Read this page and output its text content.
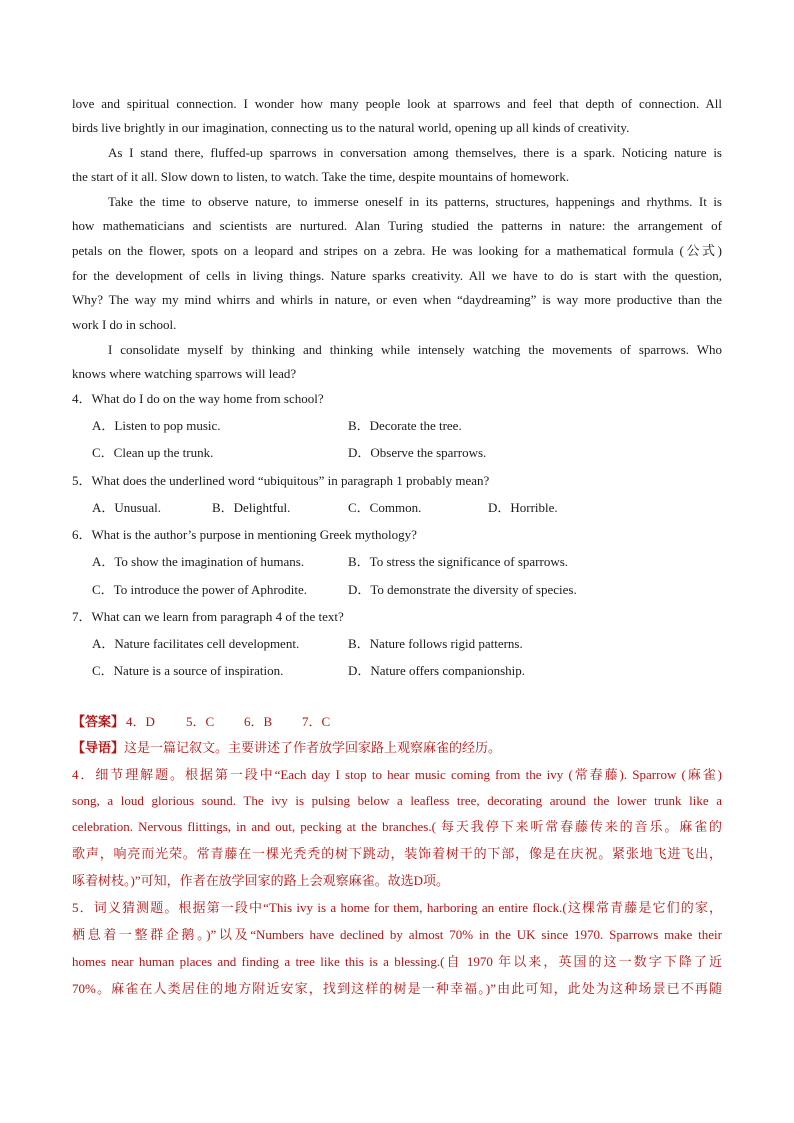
love and spiritual connection. I wonder how many people look at sparrows and feel that depth of connection. All
birds live brightly in our imagination, connecting us to the natural world, opening up all kinds of creativity.
As I stand there, fluffed-up sparrows in conversation among themselves, there is a spark. Noticing nature is
the start of it all. Slow down to listen, to watch. Take the time, despite mountains of homework.
Take the time to observe nature, to immerse oneself in its patterns, structures, happenings and rhythms. It is
how mathematicians and scientists are nurtured. Alan Turing studied the patterns in nature: the arrangement of
petals on the flower, spots on a leopard and stripes on a zebra. He was looking for a mathematical formula (公式)
for the development of cells in living things. Nature sparks creativity. All we have to do is start with the question,
Why? The way my mind whirrs and whirls in nature, or even when “daydreaming” is way more productive than the
work I do in school.
I consolidate myself by thinking and thinking while intensely watching the movements of sparrows. Who
knows where watching sparrows will lead?
4．What do I do on the way home from school?
A．Listen to pop music.	B．Decorate the tree.
C．Clean up the trunk.	D．Observe the sparrows.
5．What does the underlined word “ubiquitous” in paragraph 1 probably mean?
A．Unusual.	B．Delightful.	C．Common.	D．Horrible.
6．What is the author’s purpose in mentioning Greek mythology?
A．To show the imagination of humans.	B．To stress the significance of sparrows.
C．To introduce the power of Aphrodite.	D．To demonstrate the diversity of species.
7．What can we learn from paragraph 4 of the text?
A．Nature facilitates cell development.	B．Nature follows rigid patterns.
C．Nature is a source of inspiration.	D．Nature offers companionship.
【答案】 4．D 5．C 6．B 7．C
【导语】这是一篇记叙文。主要讲述了作者放学回家路上观察麻雀的经历。
4．细节理解题。根据第一段中“Each day I stop to hear music coming from the ivy (常春藤). Sparrow (麻雀)
song, a loud glorious sound. The ivy is pulsing below a leafless tree, decorating around the lower trunk like a
celebration. Nervous flittings, in and out, pecking at the branches.( 每天我停下来听常春藤传来的音乐。麻雀的
歌声，响亮而光荣。常青藤在一棵光秃秃的树下跳动，装饰着树干的下部，像是在庆祝。紧张地飞进飞出，
啄着树枝。)”可知，作者在放学回家的路上会观察麻雀。故选D项。
5．词义猜测题。根据第一段中“This ivy is a home for them, harboring an entire flock.(这棵常青藤是它们的家，
栖息着一整群企鹅。)”以及“Numbers have declined by almost 70% in the UK since 1970. Sparrows make their
homes near human places and finding a tree like this is a blessing.(自 1970 年以来，英国的这一数字下降了近
70%。麻雀在人类居住的地方附近安家，找到这样的树是一种幸福。)”由此可知，此处为这种场景已不再随
